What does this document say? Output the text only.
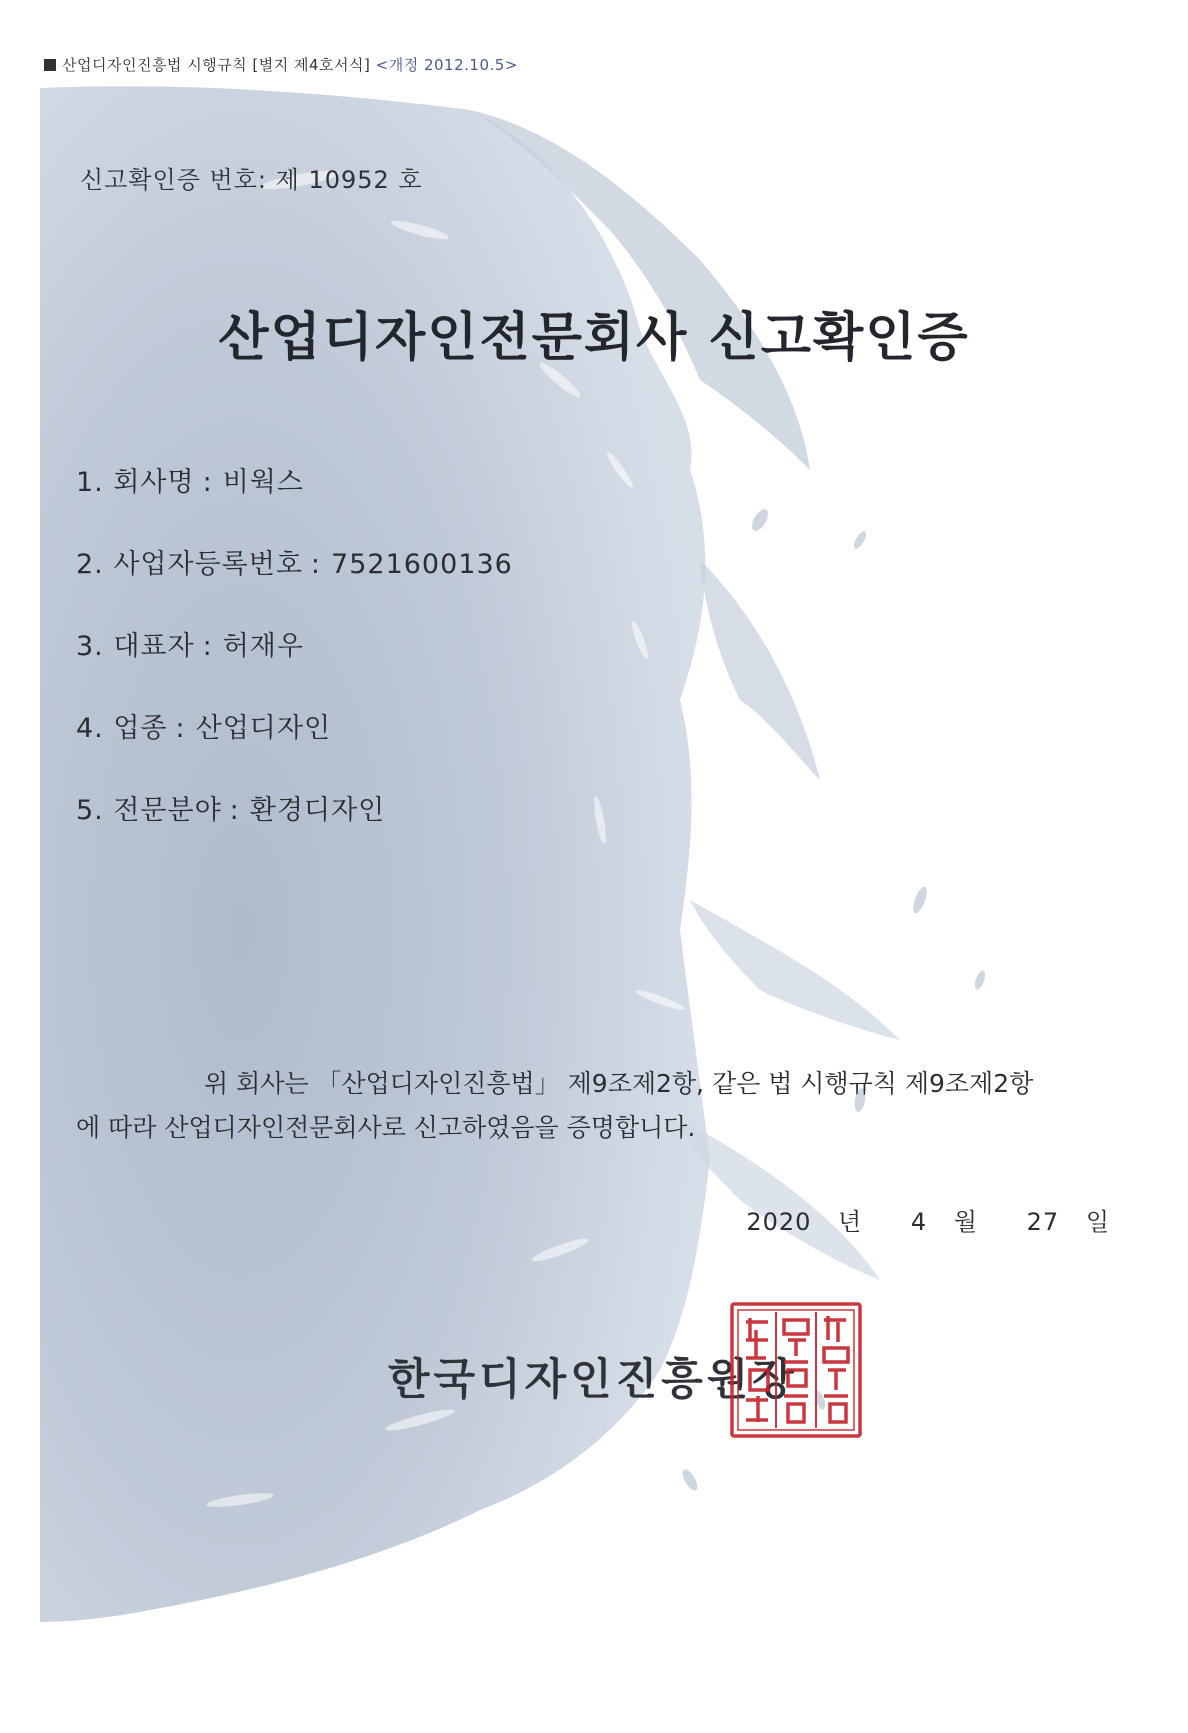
산업디자인진흥법 시행규칙 [별지 제4호서식] <개정 2012.10.5>
신고확인증 번호: 제 10952 호
산업디자인전문회사 신고확인증
1. 회사명 : 비웍스
2. 사업자등록번호 : 7521600136
3. 대표자 : 허재우
4. 업종 : 산업디자인
5. 전문분야 : 환경디자인
위 회사는 「산업디자인진흥법」 제9조제2항, 같은 법 시행규칙 제9조제2항
에 따라 산업디자인전문회사로 신고하였음을 증명합니다.
2020 년 4 월 27 일
한국디자인진흥원장
